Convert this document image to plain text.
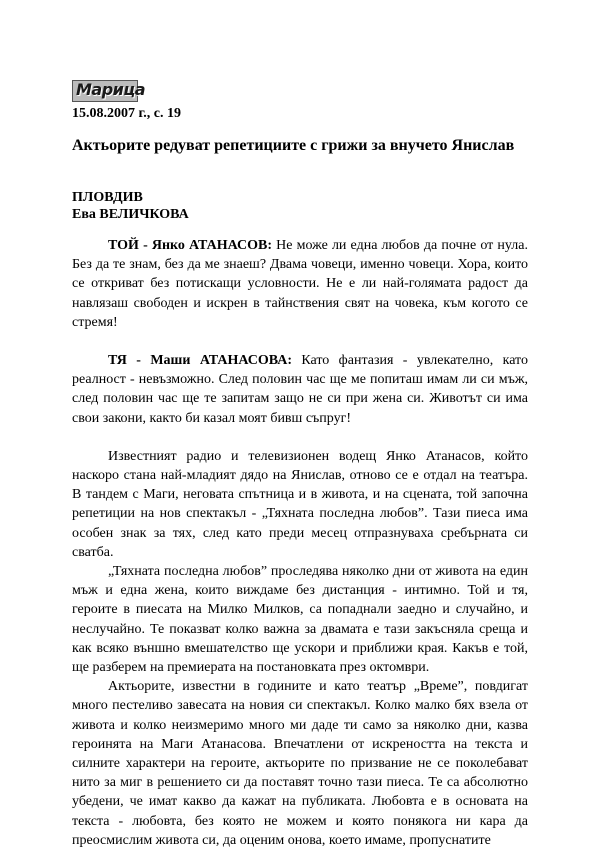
Марица
15.08.2007 г., с. 19
Актьорите редуват репетициите с грижи за внучето Янислав
ПЛОВДИВ
Ева ВЕЛИЧКОВА

ТОЙ - Янко АТАНАСОВ: Не може ли една любов да почне от нула. Без да те знам, без да ме знаеш? Двама човеци, именно човеци. Хора, които се откриват без потискащи условности. Не е ли най-голямата радост да навлязаш свободен и искрен в тайнствения свят на човека, към когото се стремя!

ТЯ - Маши АТАНАСОВА: Като фантазия - увлекателно, като реалност - невъзможно. След половин час ще ме попиташ имам ли си мъж, след половин час ще те запитам защо не си при жена си. Животът си има свои закони, както би казал моят бивш съпруг!

Известният радио и телевизионен водещ Янко Атанасов, който наскоро стана най-младият дядо на Янислав, отново се е отдал на театъра. В тандем с Маги, неговата спътница и в живота, и на сцената, той започна репетиции на нов спектакъл - „Тяхната последна любов”. Тази пиеса има особен знак за тях, след като преди месец отпразнуваха сребърната си сватба.

„Тяхната последна любов” проследява няколко дни от живота на един мъж и една жена, които виждаме без дистанция - интимно. Той и тя, героите в пиесата на Милко Милков, са попаднали заедно и случайно, и неслучайно. Те показват колко важна за двамата е тази закъсняла среща и как всяко външно вмешателство ще ускори и приближи края. Какъв е той, ще разберем на премиерата на постановката през октомври.

Актьорите, известни в годините и като театър „Време”, повдигат много пестеливо завесата на новия си спектакъл. Колко малко бях взела от живота и колко неизмеримо много ми даде ти само за няколко дни, казва героинята на Маги Атанасова. Впечатлени от искреността на текста и силните характери на героите, актьорите по призвание не се поколебават нито за миг в решението си да поставят точно тази пиеса. Те са абсолютно убедени, че имат какво да кажат на публиката. Любовта е в основата на текста - любовта, без която не можем и която понякога ни кара да преосмислим живота си, да оценим онова, което имаме, пропуснатите
